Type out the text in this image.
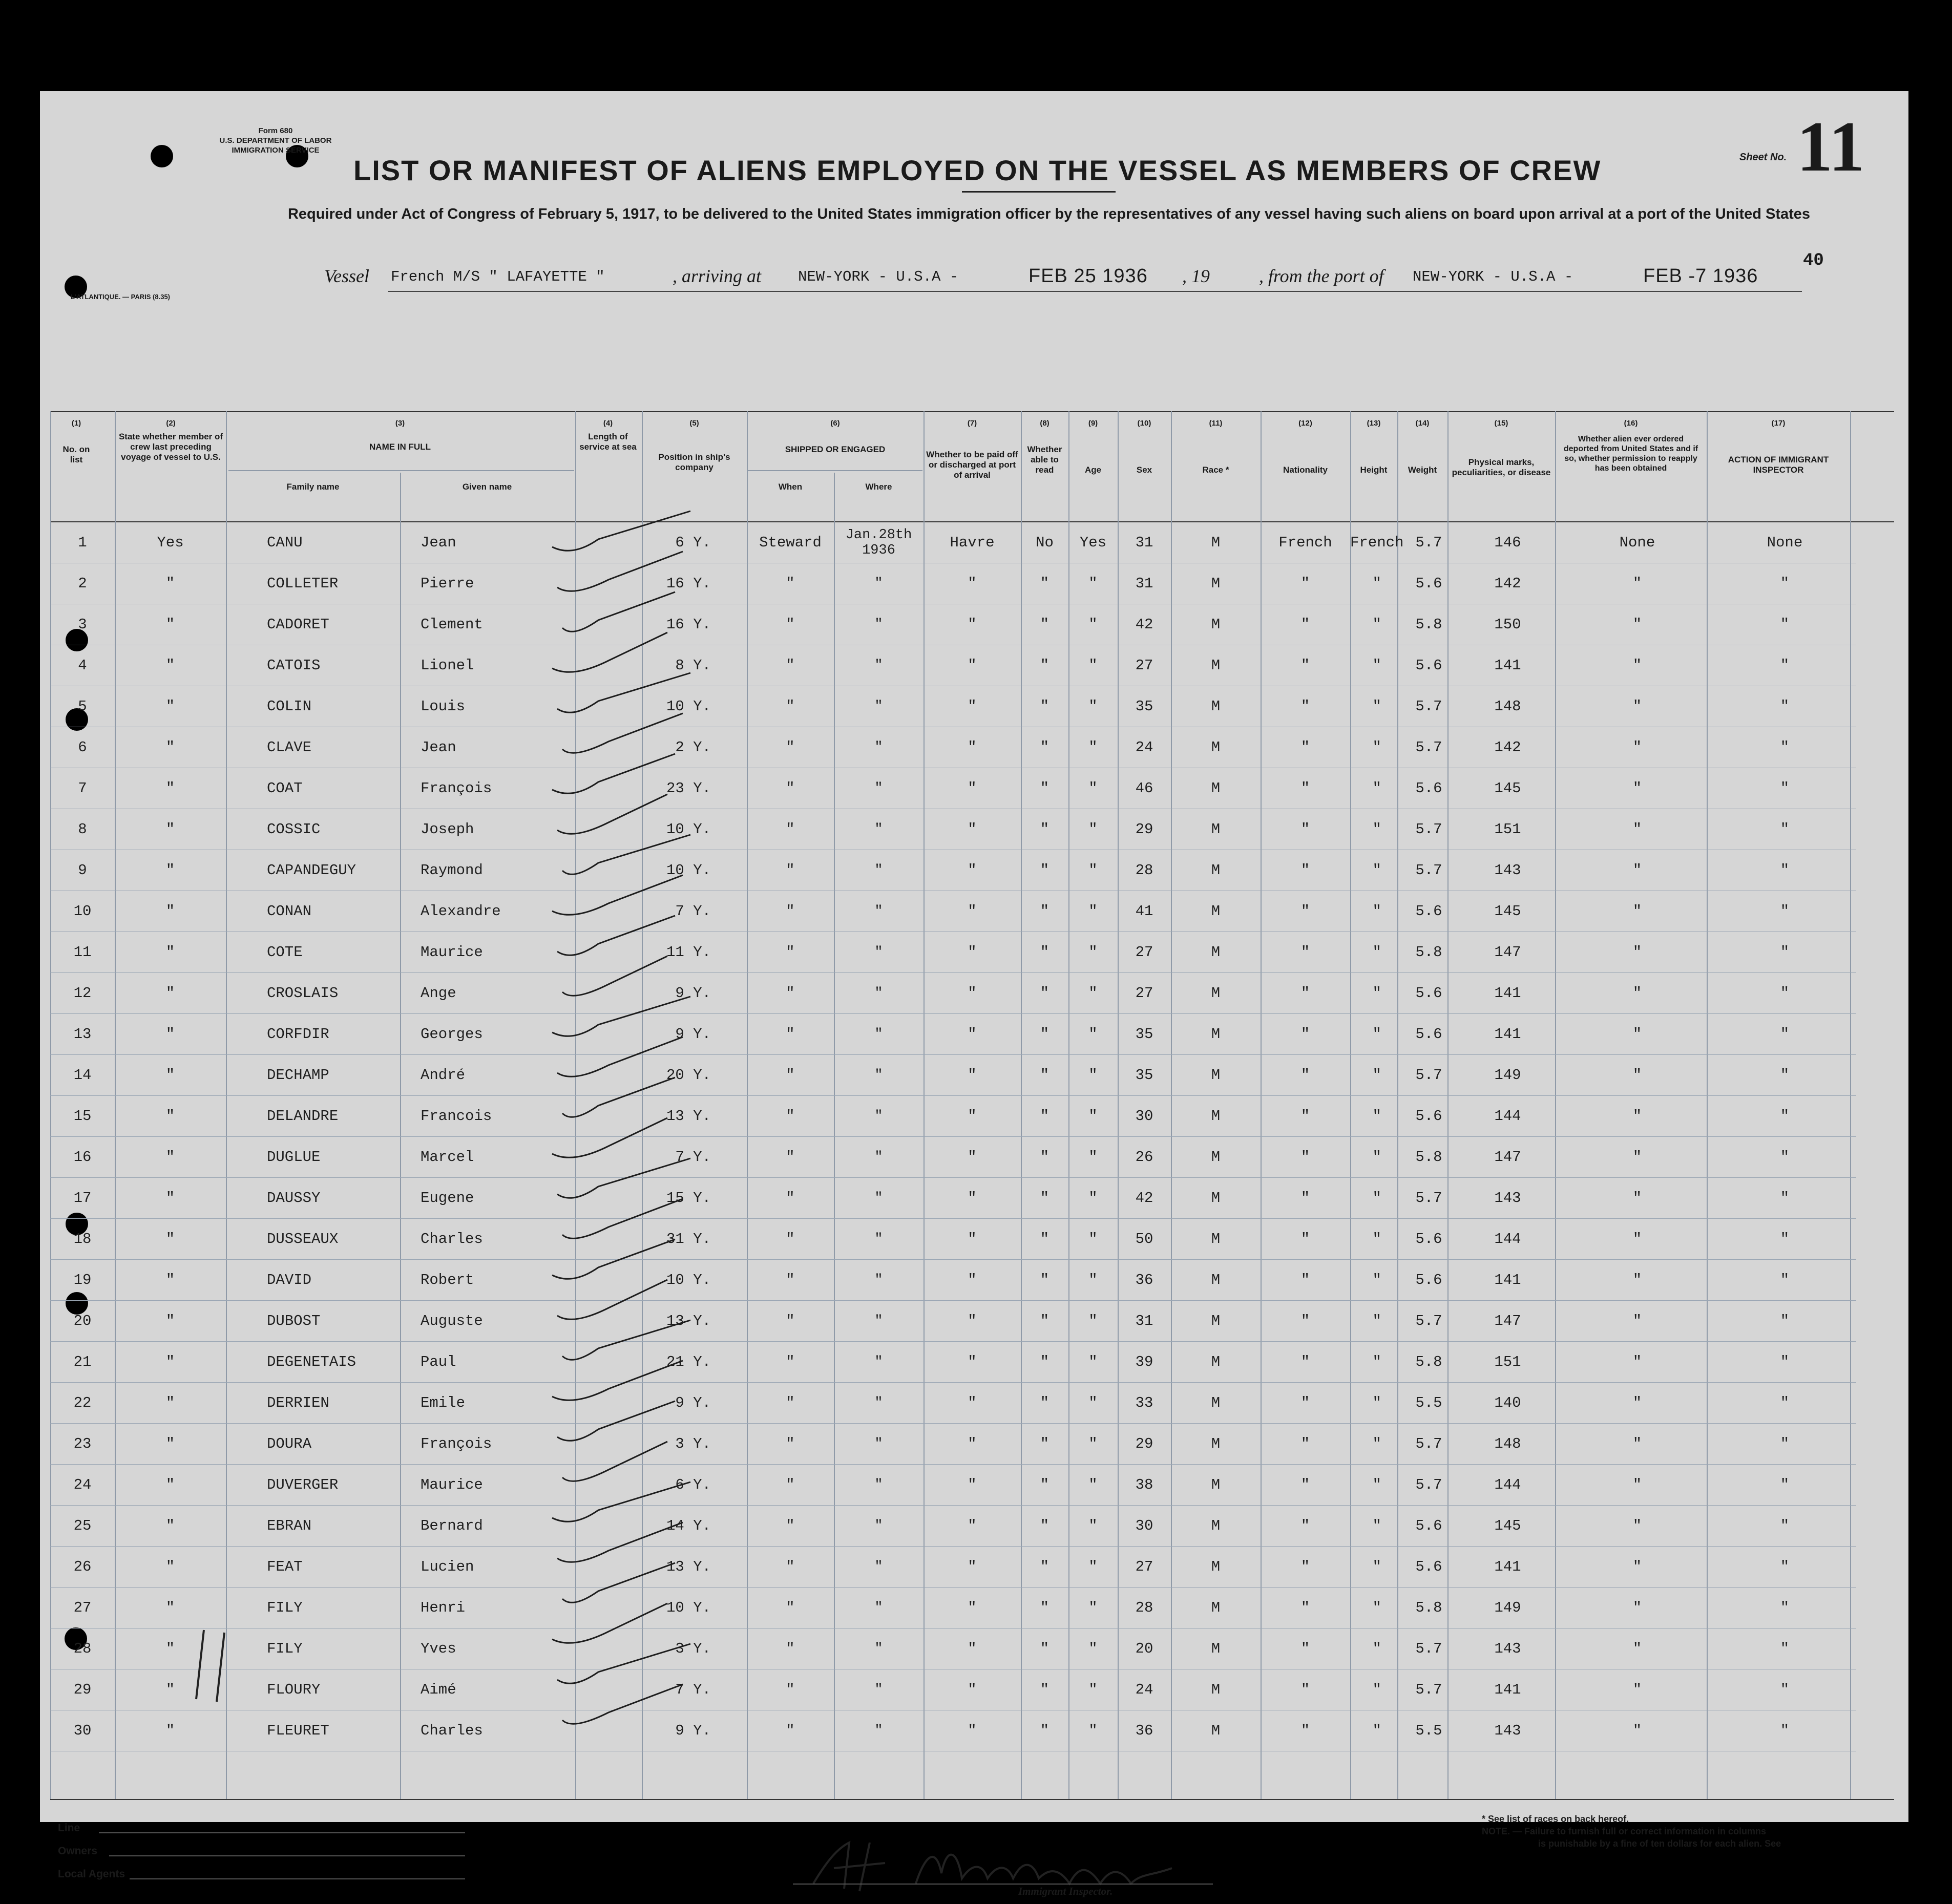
Form 680
U.S. DEPARTMENT OF LABOR
IMMIGRATION SERVICE
LIST OR MANIFEST OF ALIENS EMPLOYED ON THE VESSEL AS MEMBERS OF CREW	Sheet No. 11
40
Required under Act of Congress of February 5, 1917, to be delivered to the United States immigration officer by the representatives of any vessel having such aliens on board upon arrival at a port of the United States
Vessel French M/S " LAFAYETTE "	, arriving at NEW-YORK - U.S.A -	FEB 25 1936 , 19	, from the port of NEW-YORK - U.S.A -	FEB -7 1936
L'ATLANTIQUE. — PARIS (8.35)
(1)
No. on list
(2)
State whether member of crew last preceding voyage of vessel to U.S.
(3)
NAME IN FULL
Family name	Given name
(4)
Length of service at sea
(5)
Position in ship's company
(6)
SHIPPED OR ENGAGED
When	Where
(7)
Whether to be paid off or discharged at port of arrival
(8)
Whether able to read
(9)
Age
(10)
Sex
(11)
Race *
(12)
Nationality
(13)
Height
(14)
Weight
(15)
Physical marks, peculiarities, or disease
(16)
Whether alien ever ordered deported from United States and if so, whether permission to reapply has been obtained
(17)
ACTION OF IMMIGRANT INSPECTOR
1	Yes	CANU	Jean	6 Y.	Steward	Jan.28th 1936	Havre	No	Yes	31	M	French	French	5.7	146	None	None	
2	"	COLLETER	Pierre	16 Y.	"	"	"	"	"	31	M	"	"	5.6	142	"	"	
3	"	CADORET	Clement	16 Y.	"	"	"	"	"	42	M	"	"	5.8	150	"	"	
4	"	CATOIS	Lionel	8 Y.	"	"	"	"	"	27	M	"	"	5.6	141	"	"	
5	"	COLIN	Louis	10 Y.	"	"	"	"	"	35	M	"	"	5.7	148	"	"	
6	"	CLAVE	Jean	2 Y.	"	"	"	"	"	24	M	"	"	5.7	142	"	"	
7	"	COAT	François	23 Y.	"	"	"	"	"	46	M	"	"	5.6	145	"	"	
8	"	COSSIC	Joseph	10 Y.	"	"	"	"	"	29	M	"	"	5.7	151	"	"	
9	"	CAPANDEGUY	Raymond	10 Y.	"	"	"	"	"	28	M	"	"	5.7	143	"	"	
10	"	CONAN	Alexandre	7 Y.	"	"	"	"	"	41	M	"	"	5.6	145	"	"	
11	"	COTE	Maurice	11 Y.	"	"	"	"	"	27	M	"	"	5.8	147	"	"	
12	"	CROSLAIS	Ange	9 Y.	"	"	"	"	"	27	M	"	"	5.6	141	"	"	
13	"	CORFDIR	Georges	9 Y.	"	"	"	"	"	35	M	"	"	5.6	141	"	"	
14	"	DECHAMP	André	20 Y.	"	"	"	"	"	35	M	"	"	5.7	149	"	"	
15	"	DELANDRE	Francois	13 Y.	"	"	"	"	"	30	M	"	"	5.6	144	"	"	
16	"	DUGLUE	Marcel	7 Y.	"	"	"	"	"	26	M	"	"	5.8	147	"	"	
17	"	DAUSSY	Eugene	15 Y.	"	"	"	"	"	42	M	"	"	5.7	143	"	"	
18	"	DUSSEAUX	Charles	31 Y.	"	"	"	"	"	50	M	"	"	5.6	144	"	"	
19	"	DAVID	Robert	10 Y.	"	"	"	"	"	36	M	"	"	5.6	141	"	"	
20	"	DUBOST	Auguste	13 Y.	"	"	"	"	"	31	M	"	"	5.7	147	"	"	
21	"	DEGENETAIS	Paul	21 Y.	"	"	"	"	"	39	M	"	"	5.8	151	"	"	
22	"	DERRIEN	Emile	9 Y.	"	"	"	"	"	33	M	"	"	5.5	140	"	"	
23	"	DOURA	François	3 Y.	"	"	"	"	"	29	M	"	"	5.7	148	"	"	
24	"	DUVERGER	Maurice	6 Y.	"	"	"	"	"	38	M	"	"	5.7	144	"	"	
25	"	EBRAN	Bernard	14 Y.	"	"	"	"	"	30	M	"	"	5.6	145	"	"	
26	"	FEAT	Lucien	13 Y.	"	"	"	"	"	27	M	"	"	5.6	141	"	"	
27	"	FILY	Henri	10 Y.	"	"	"	"	"	28	M	"	"	5.8	149	"	"	
28	"	FILY	Yves	3 Y.	"	"	"	"	"	20	M	"	"	5.7	143	"	"	
29	"	FLOURY	Aimé	7 Y.	"	"	"	"	"	24	M	"	"	5.7	141	"	"	
30	"	FLEURET	Charles	9 Y.	"	"	"	"	"	36	M	"	"	5.5	143	"	"	
Line
Owners
Local Agents
Immigrant Inspector.
* See list of races on back hereof.
NOTE. — Failure to furnish full or correct information in columns
is punishable by a fine of ten dollars for each alien. See
